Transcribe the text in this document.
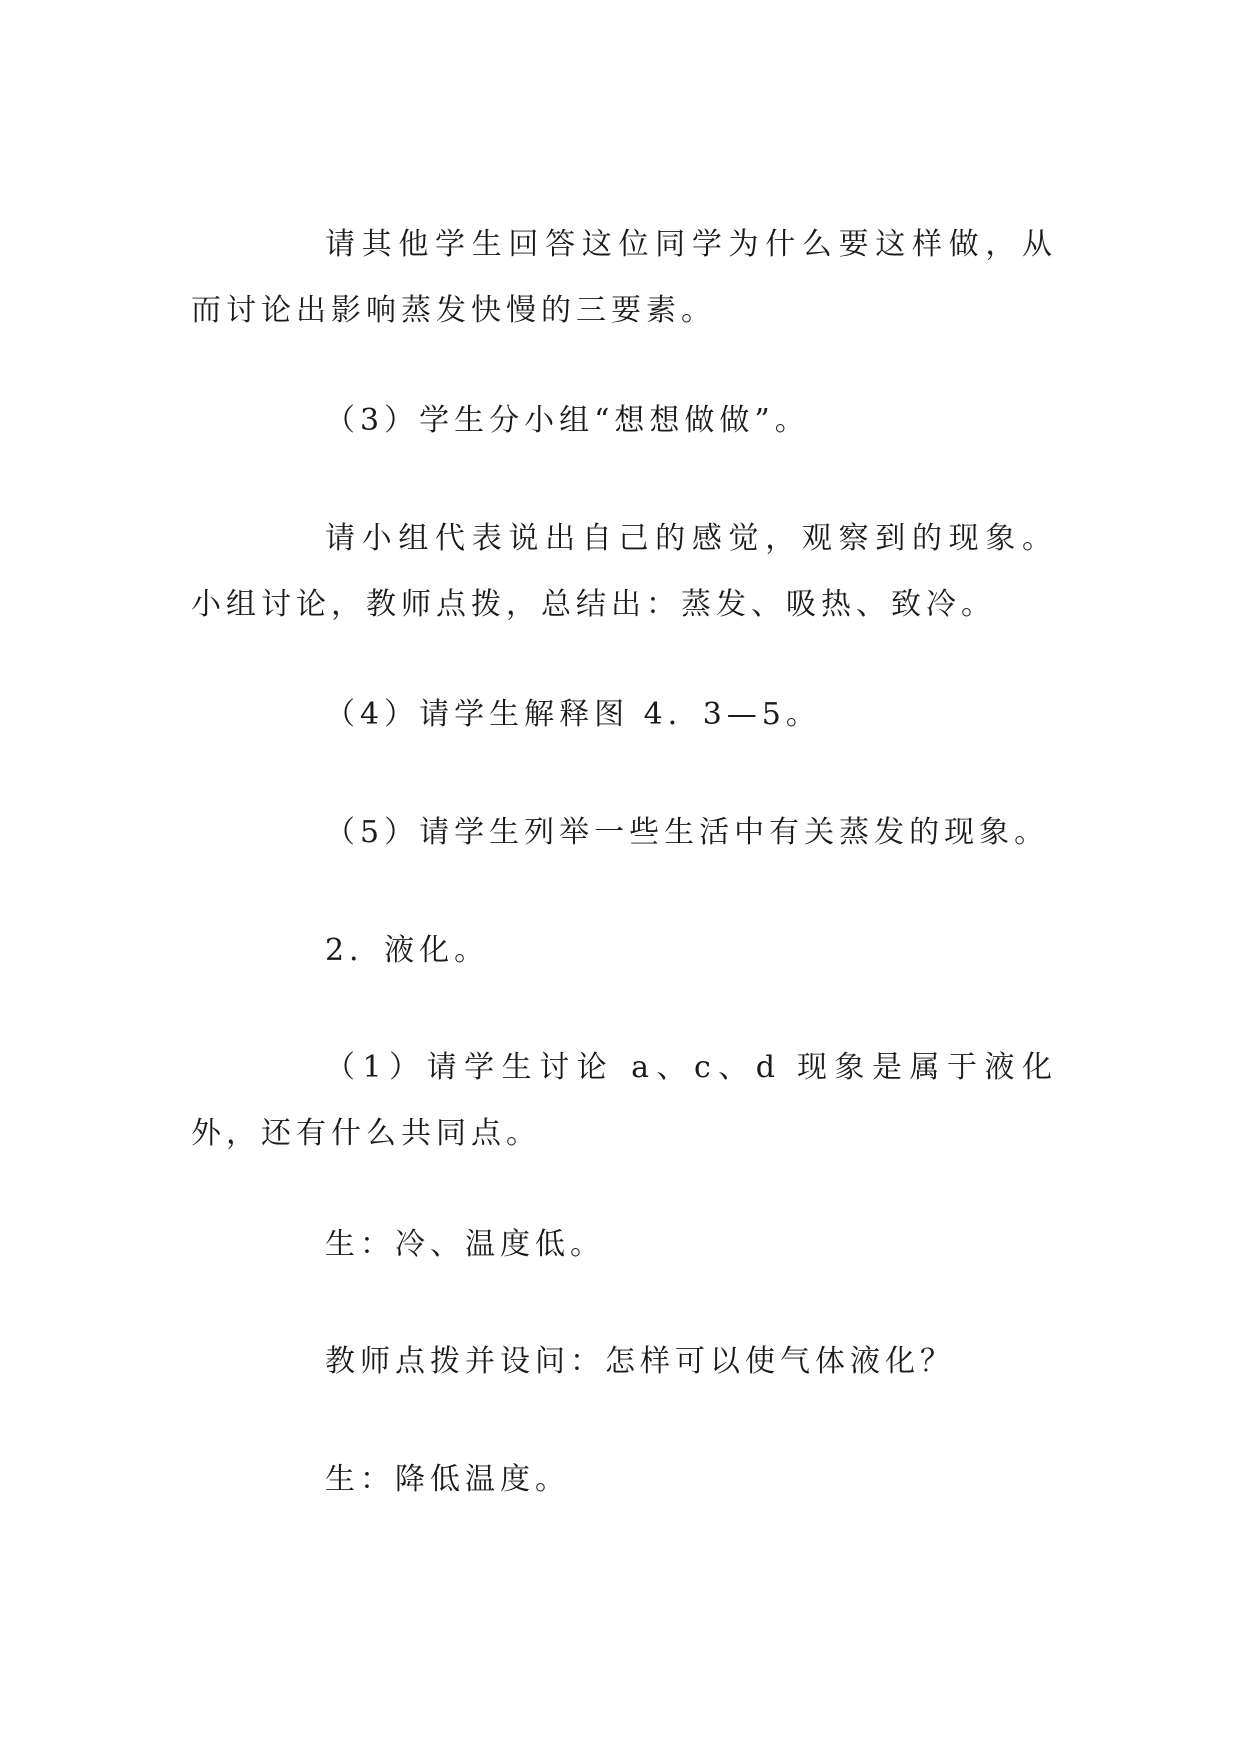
请其他学生回答这位同学为什么要这样做，从而讨论出影响蒸发快慢的三要素。

（3）学生分小组“想想做做”。

请小组代表说出自己的感觉，观察到的现象。小组讨论，教师点拨，总结出：蒸发、吸热、致冷。

（4）请学生解释图 4．3—5。

（5）请学生列举一些生活中有关蒸发的现象。

2．液化。

（1）请学生讨论 a、c、d 现象是属于液化外，还有什么共同点。

生：冷、温度低。

教师点拨并设问：怎样可以使气体液化？

生：降低温度。
